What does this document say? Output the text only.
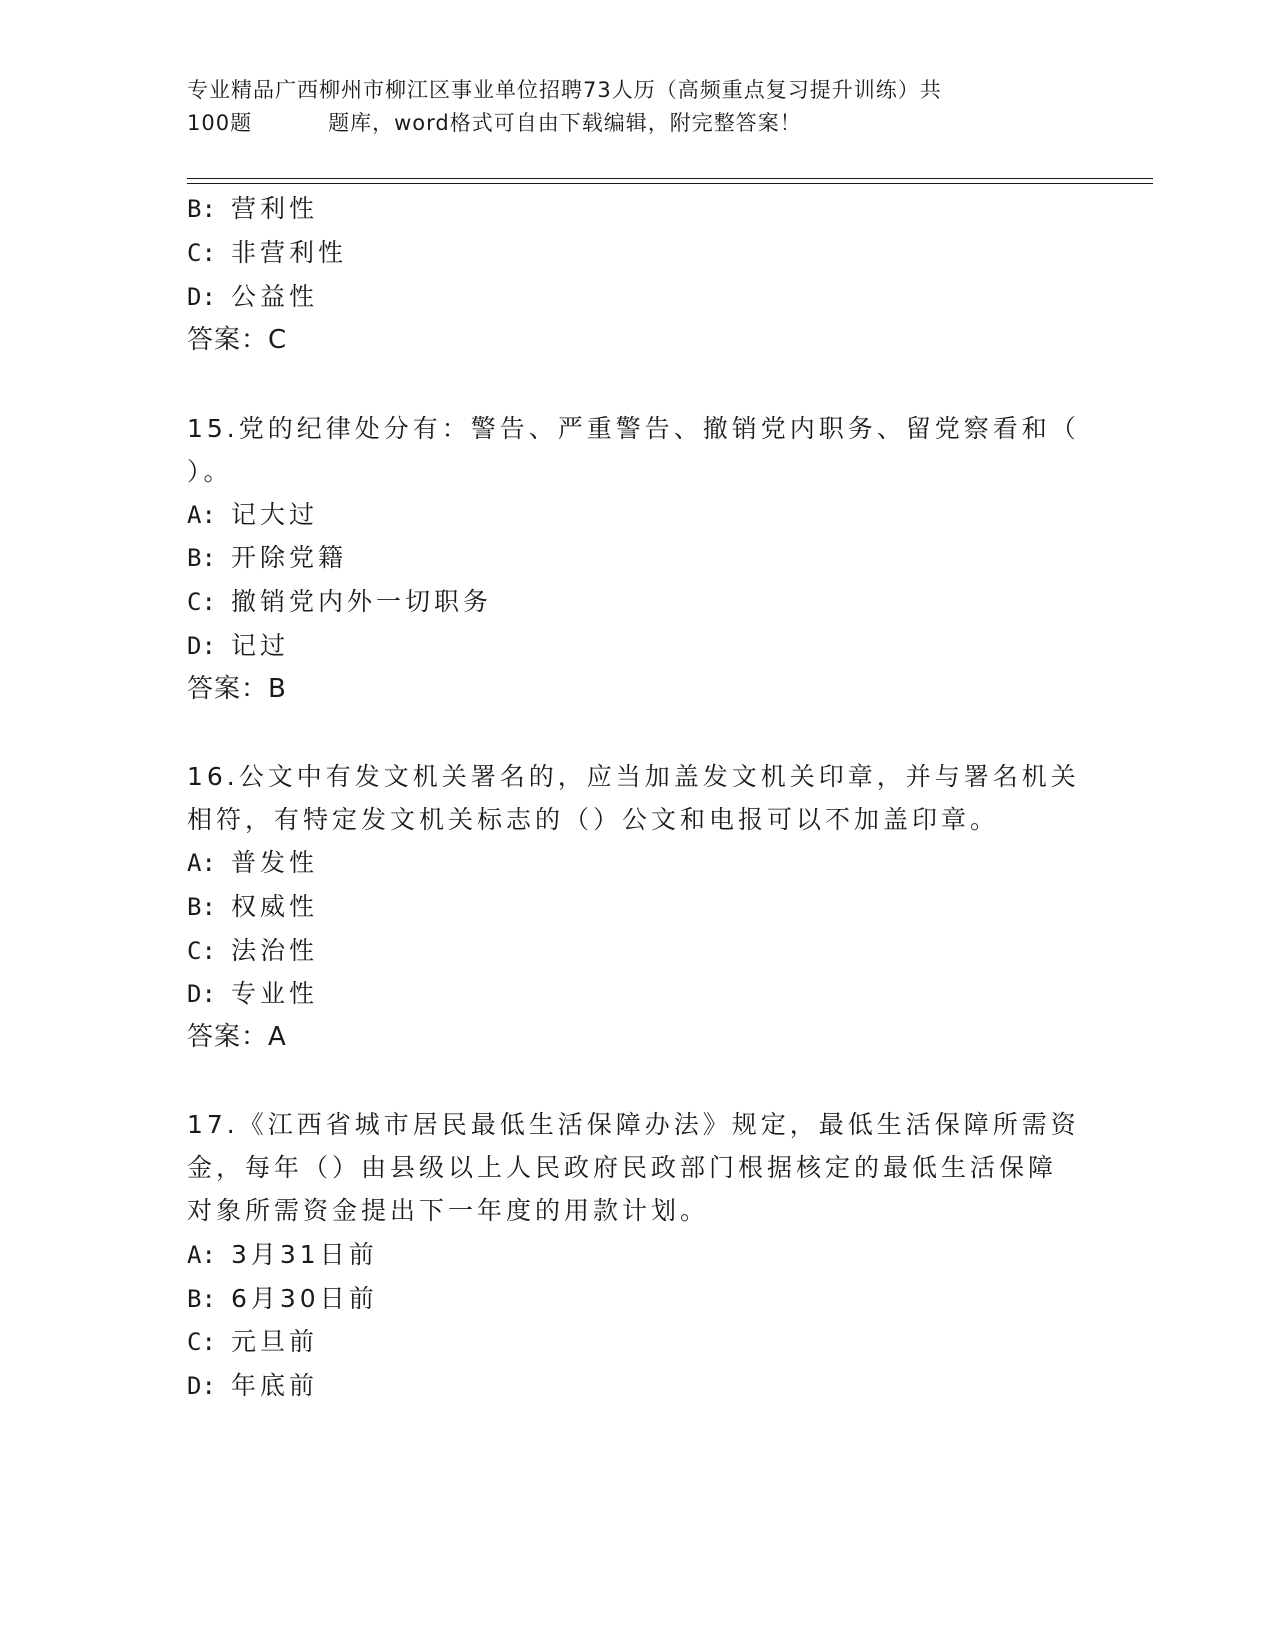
专业精品广西柳州市柳江区事业单位招聘73人历（高频重点复习提升训练）共
100题	题库，word格式可自由下载编辑，附完整答案！
B: 营利性
C: 非营利性
D: 公益性
答案：C
15.党的纪律处分有：警告、严重警告、撤销党内职务、留党察看和（
）。
A: 记大过
B: 开除党籍
C: 撤销党内外一切职务
D: 记过
答案：B
16.公文中有发文机关署名的，应当加盖发文机关印章，并与署名机关
相符，有特定发文机关标志的（）公文和电报可以不加盖印章。
A: 普发性
B: 权威性
C: 法治性
D: 专业性
答案：A
17.《江西省城市居民最低生活保障办法》规定，最低生活保障所需资
金，每年（）由县级以上人民政府民政部门根据核定的最低生活保障
对象所需资金提出下一年度的用款计划。
A: 3月31日前
B: 6月30日前
C: 元旦前
D: 年底前
